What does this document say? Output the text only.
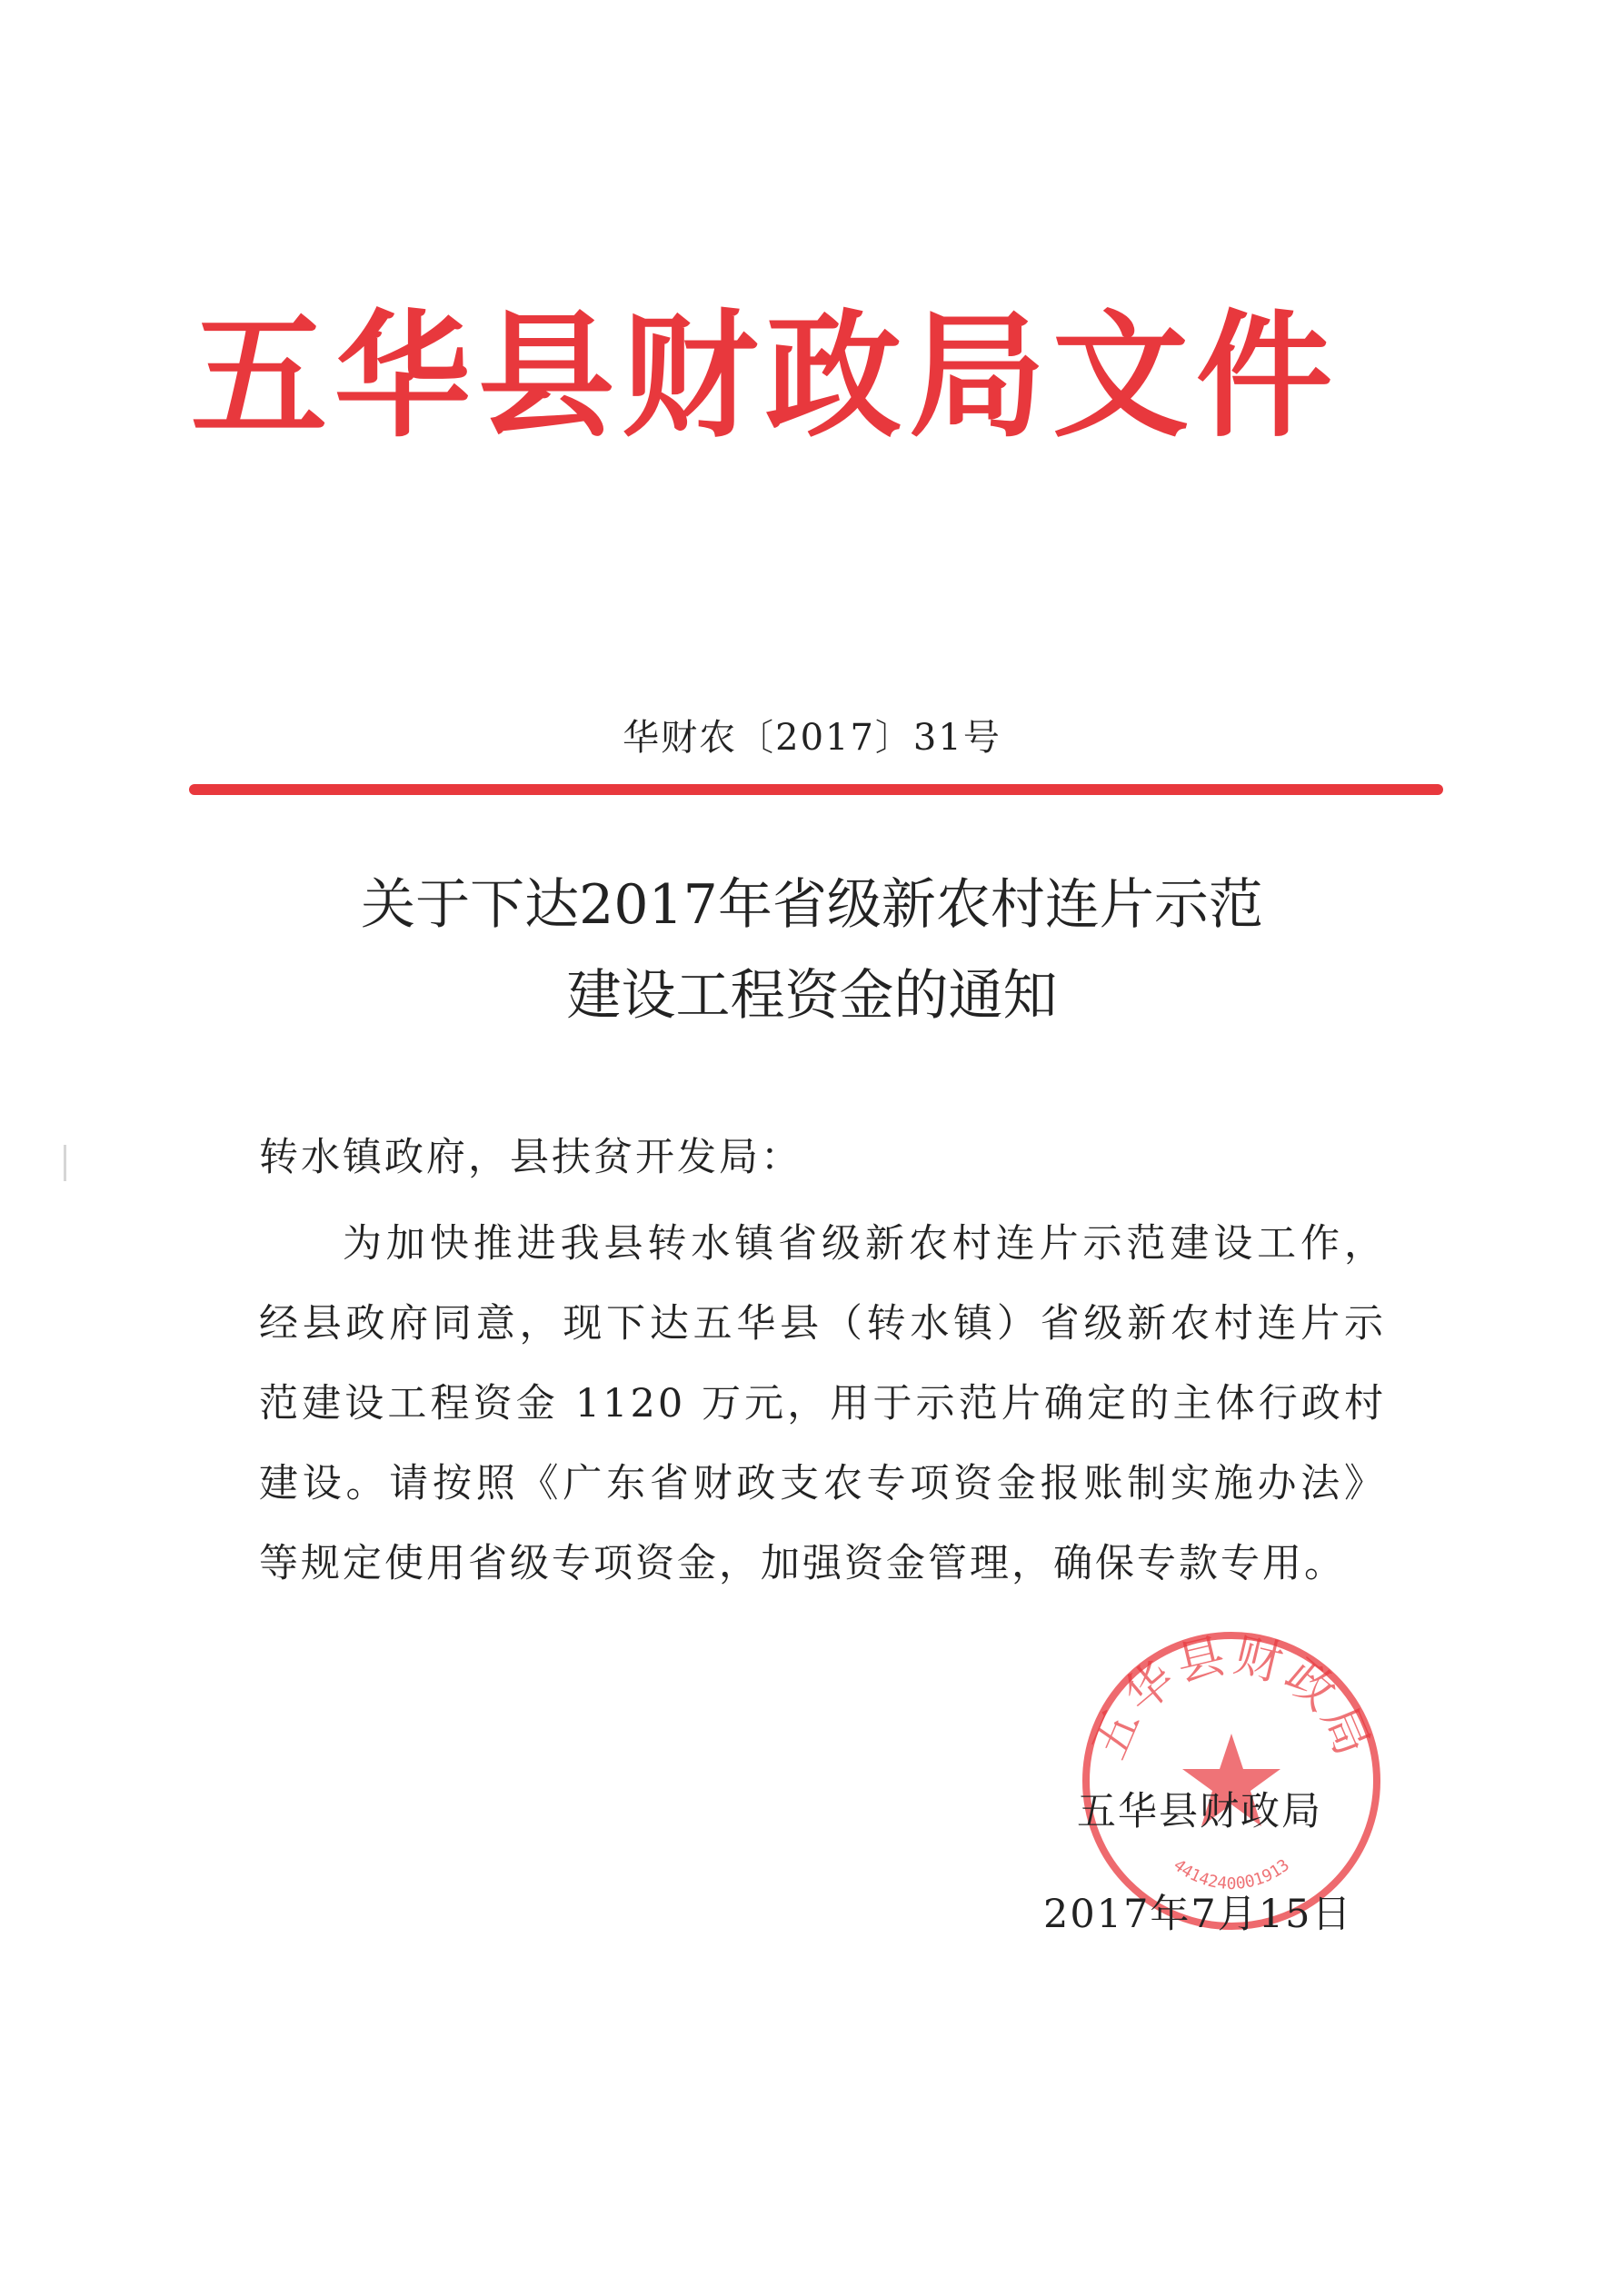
五华县财政局文件
华财农〔2017〕31号
关于下达2017年省级新农村连片示范
建设工程资金的通知
转水镇政府，县扶贫开发局：
为加快推进我县转水镇省级新农村连片示范建设工作，经县政府同意，现下达五华县（转水镇）省级新农村连片示范建设工程资金 1120 万元，用于示范片确定的主体行政村建设。请按照《广东省财政支农专项资金报账制实施办法》等规定使用省级专项资金，加强资金管理，确保专款专用。
五华县财政局
4414240001913
五华县财政局
2017年7月15日
